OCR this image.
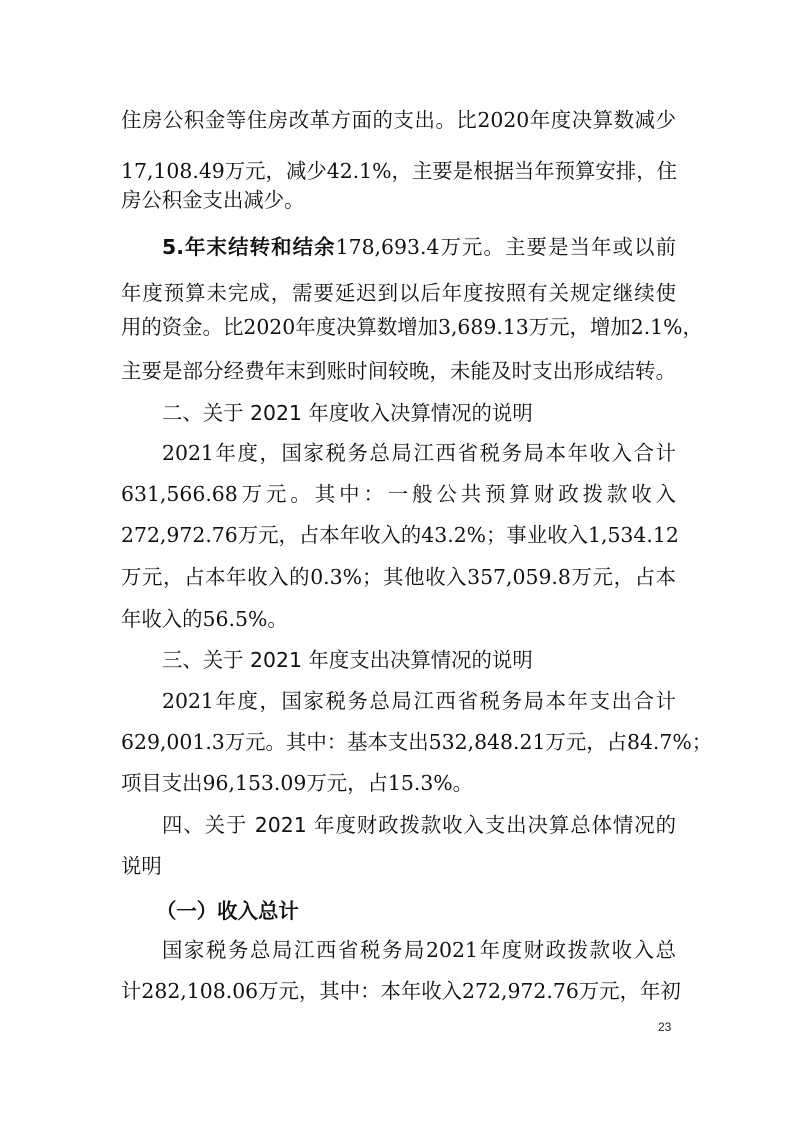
住房公积金等住房改革方面的支出。比2020年度决算数减少

17,108.49万元，减少42.1%，主要是根据当年预算安排，住

房公积金支出减少。

5.年末结转和结余178,693.4万元。主要是当年或以前

年度预算未完成，需要延迟到以后年度按照有关规定继续使

用的资金。比2020年度决算数增加3,689.13万元，增加2.1%，

主要是部分经费年末到账时间较晚，未能及时支出形成结转。

二、关于 2021 年度收入决算情况的说明

2021年度，国家税务总局江西省税务局本年收入合计

631,566.68万元。其中：一般公共预算财政拨款收入

272,972.76万元，占本年收入的43.2%；事业收入1,534.12

万元，占本年收入的0.3%；其他收入357,059.8万元，占本

年收入的56.5%。

三、关于 2021 年度支出决算情况的说明

2021年度，国家税务总局江西省税务局本年支出合计

629,001.3万元。其中：基本支出532,848.21万元，占84.7%；

项目支出96,153.09万元，占15.3%。

四、关于 2021 年度财政拨款收入支出决算总体情况的

说明

（一）收入总计

国家税务总局江西省税务局2021年度财政拨款收入总

计282,108.06万元，其中：本年收入272,972.76万元，年初

23
